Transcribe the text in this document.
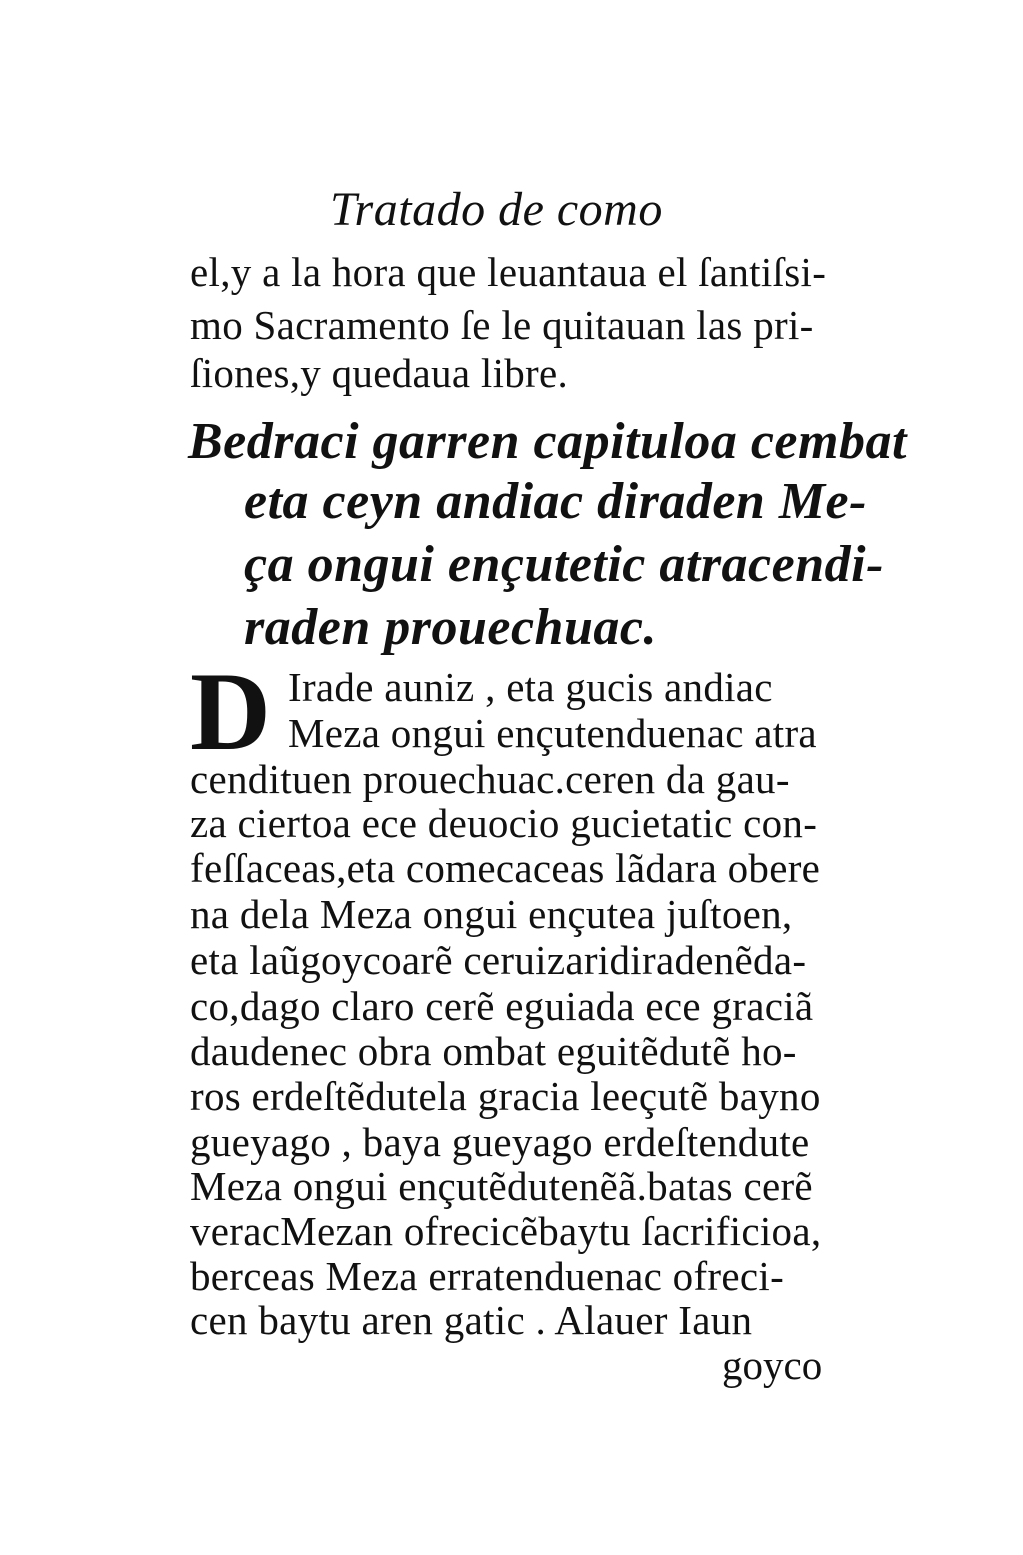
Tratado de como
el,y a la hora que leuantaua el ſantiſsi-
mo Sacramento ſe le quitauan las pri-
ſiones,y quedaua libre.
Bedraci garren capituloa cembat
eta ceyn andiac diraden Me-
ça ongui ençutetic atracendi-
raden prouechuac.
D Irade auniz , eta gucis andiac
Meza ongui ençutenduenac atra
cendituen prouechuac.ceren da gau-
za ciertoa ece deuocio gucietatic con-
feſſaceas,eta comecaceas lãdara obere
na dela Meza ongui ençutea juſtoen,
eta laũgoycoarẽ ceruizaridiradenẽda-
co,dago claro cerẽ eguiada ece graciã
daudenec obra ombat eguitẽdutẽ ho-
ros erdeſtẽdutela gracia leeçutẽ bayno
gueyago , baya gueyago erdeſtendute
Meza ongui ençutẽdutenẽã.batas cerẽ
veracMezan ofrecicẽbaytu ſacrificioa,
berceas Meza erratenduenac ofreci-
cen baytu aren gatic . Alauer Iaun
goyco
